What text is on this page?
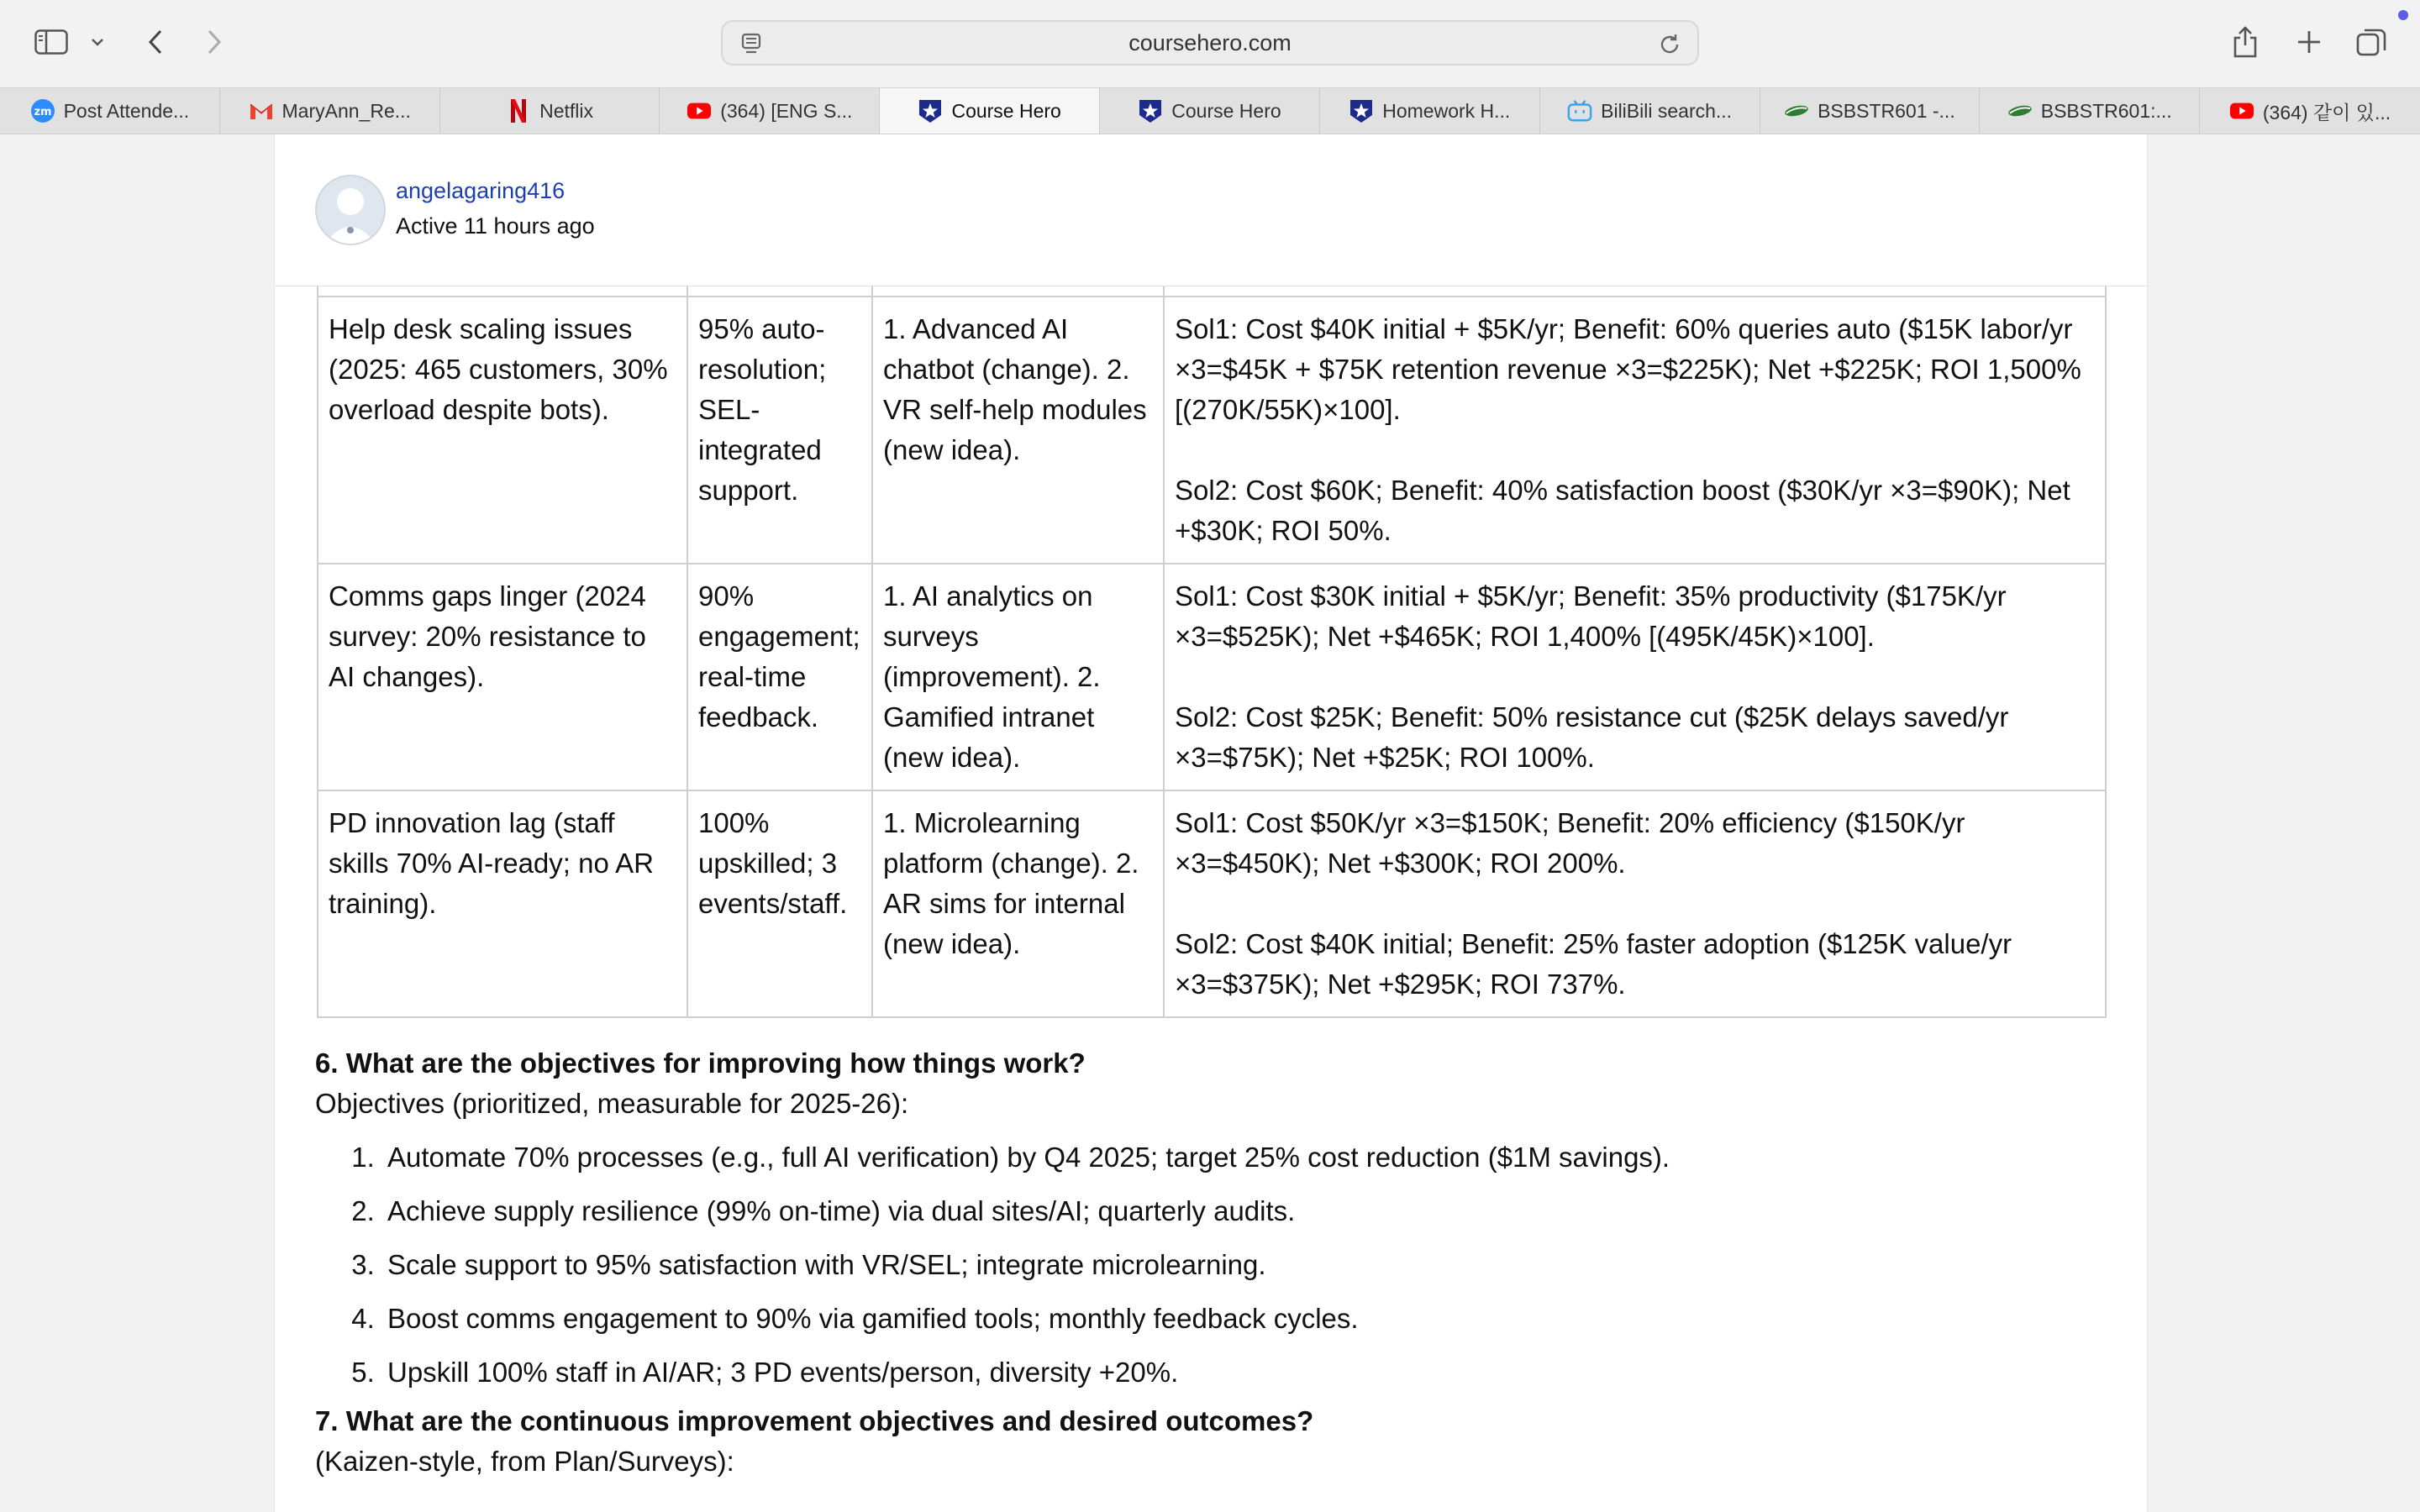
coursehero.com
zm Post Attende...	MaryAnn_Re...	Netflix	(364) [ENG S...	Course Hero	Course Hero	Homework H...	BiliBili search...	BSBSTR601 -...	BSBSTR601:...	(364) 같이 있...

Help desk scaling issues (2025: 465 customers, 30% overload despite bots).	95% auto-resolution; SEL-integrated support.	1. Advanced AI chatbot (change). 2. VR self-help modules (new idea).	Sol1: Cost $40K initial + $5K/yr; Benefit: 60% queries auto ($15K labor/yr ×3=$45K + $75K retention revenue ×3=$225K); Net +$225K; ROI 1,500% [(270K/55K)×100].
Sol2: Cost $60K; Benefit: 40% satisfaction boost ($30K/yr ×3=$90K); Net +$30K; ROI 50%.

Comms gaps linger (2024 survey: 20% resistance to AI changes).	90% engagement; real-time feedback.	1. AI analytics on surveys (improvement). 2. Gamified intranet (new idea).	Sol1: Cost $30K initial + $5K/yr; Benefit: 35% productivity ($175K/yr ×3=$525K); Net +$465K; ROI 1,400% [(495K/45K)×100].
Sol2: Cost $25K; Benefit: 50% resistance cut ($25K delays saved/yr ×3=$75K); Net +$25K; ROI 100%.

PD innovation lag (staff skills 70% AI-ready; no AR training).	100% upskilled; 3 events/staff.	1. Microlearning platform (change). 2. AR sims for internal (new idea).	Sol1: Cost $50K/yr ×3=$150K; Benefit: 20% efficiency ($150K/yr ×3=$450K); Net +$300K; ROI 200%.
Sol2: Cost $40K initial; Benefit: 25% faster adoption ($125K value/yr ×3=$375K); Net +$295K; ROI 737%.
6. What are the objectives for improving how things work?
Objectives (prioritized, measurable for 2025-26):
1. Automate 70% processes (e.g., full AI verification) by Q4 2025; target 25% cost reduction ($1M savings).
2. Achieve supply resilience (99% on-time) via dual sites/AI; quarterly audits.
3. Scale support to 95% satisfaction with VR/SEL; integrate microlearning.
4. Boost comms engagement to 90% via gamified tools; monthly feedback cycles.
5. Upskill 100% staff in AI/AR; 3 PD events/person, diversity +20%.
7. What are the continuous improvement objectives and desired outcomes?
(Kaizen-style, from Plan/Surveys):
angelagaring416
Active 11 hours ago
